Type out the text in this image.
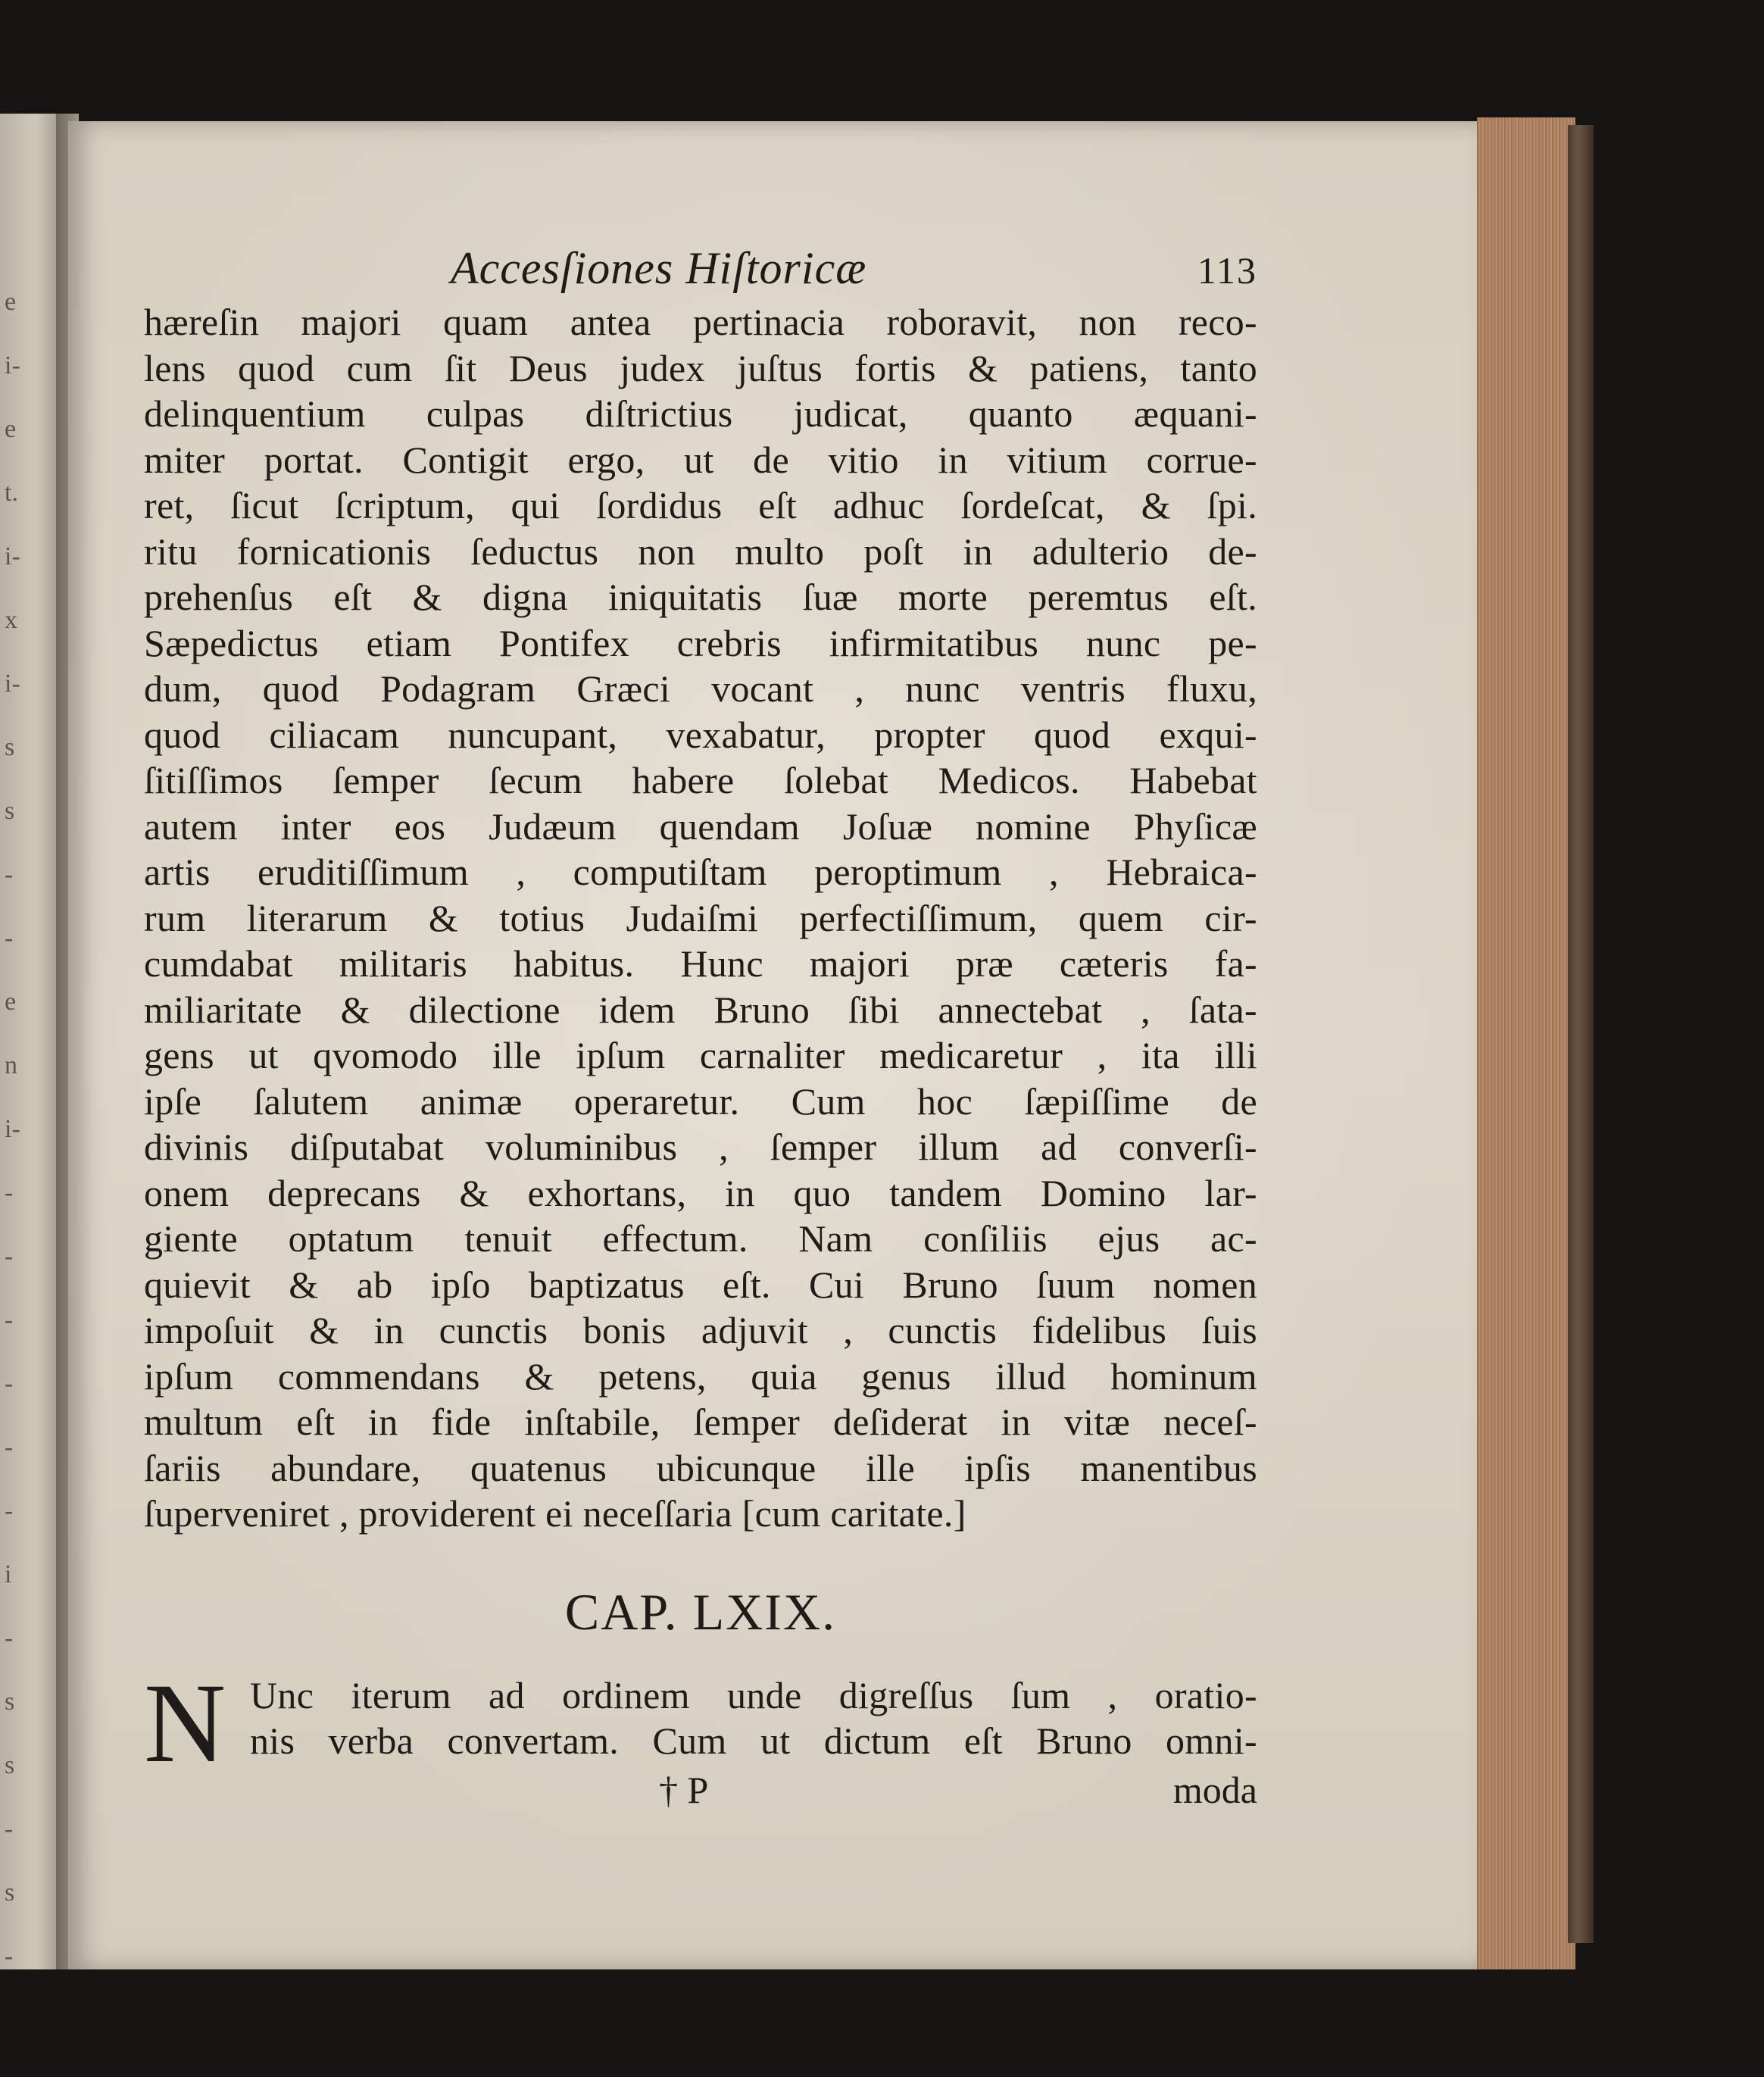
e
i-
e
t.
i-
x
i-
s
s
-
-
e
n
i-
-
-
-
-
-
-
i
-
s
s
-
s
-
Accesſiones Hiſtoricæ	113
hæreſin majori quam antea pertinacia roboravit, non reco-
lens quod cum ſit Deus judex juſtus fortis & patiens, tanto
delinquentium culpas diſtrictius judicat, quanto æquani-
miter portat. Contigit ergo, ut de vitio in vitium corrue-
ret, ſicut ſcriptum, qui ſordidus eſt adhuc ſordeſcat, & ſpi.
ritu fornicationis ſeductus non multo poſt in adulterio de-
prehenſus eſt & digna iniquitatis ſuæ morte peremtus eſt.
Sæpedictus etiam Pontifex crebris infirmitatibus nunc pe-
dum, quod Podagram Græci vocant , nunc ventris fluxu,
quod ciliacam nuncupant, vexabatur, propter quod exqui-
ſitiſſimos ſemper ſecum habere ſolebat Medicos. Habebat
autem inter eos Judæum quendam Joſuæ nomine Phyſicæ
artis eruditiſſimum , computiſtam peroptimum , Hebraica-
rum literarum & totius Judaiſmi perfectiſſimum, quem cir-
cumdabat militaris habitus. Hunc majori præ cæteris fa-
miliaritate & dilectione idem Bruno ſibi annectebat , ſata-
gens ut qvomodo ille ipſum carnaliter medicaretur , ita illi
ipſe ſalutem animæ operaretur. Cum hoc ſæpiſſime de
divinis diſputabat voluminibus , ſemper illum ad converſi-
onem deprecans & exhortans, in quo tandem Domino lar-
giente optatum tenuit effectum. Nam conſiliis ejus ac-
quievit & ab ipſo baptizatus eſt. Cui Bruno ſuum nomen
impoſuit & in cunctis bonis adjuvit , cunctis fidelibus ſuis
ipſum commendans & petens, quia genus illud hominum
multum eſt in fide inſtabile, ſemper deſiderat in vitæ neceſ-
ſariis abundare, quatenus ubicunque ille ipſis manentibus
ſuperveniret , providerent ei neceſſaria [cum caritate.]
CAP. LXIX.
N Unc iterum ad ordinem unde digreſſus ſum , oratio-
nis verba convertam. Cum ut dictum eſt Bruno omni-
† P	moda
